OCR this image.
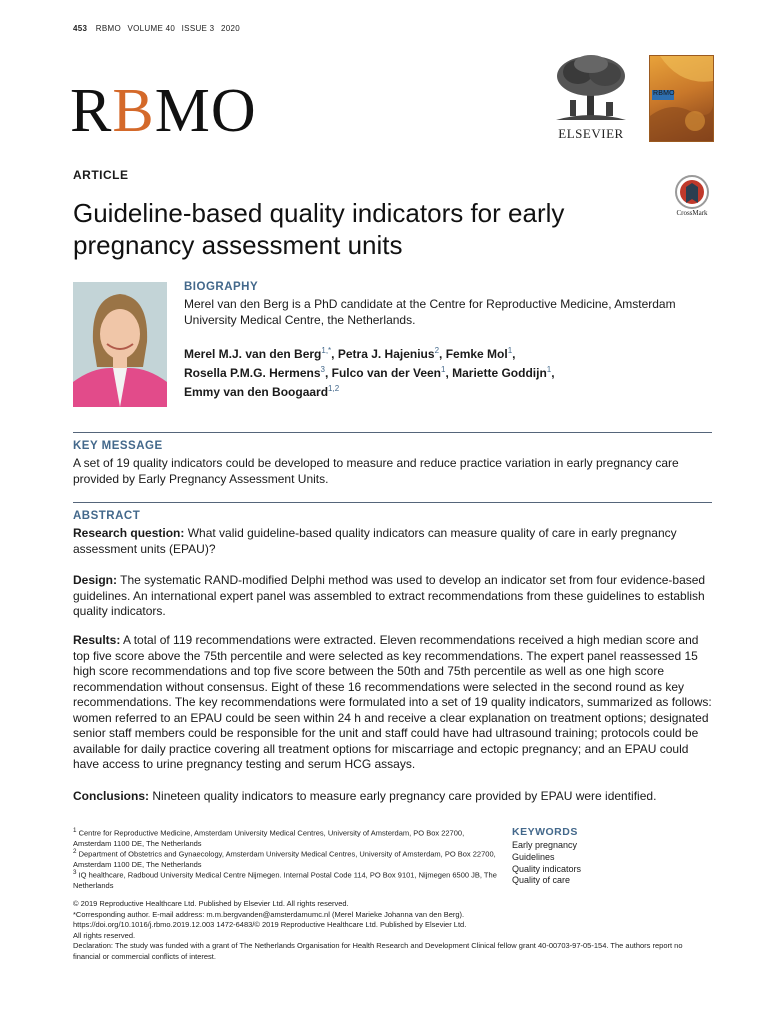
453 RBMO VOLUME 40 ISSUE 3 2020
RBMO	ELSEVIER
RBMO
CrossMark
ARTICLE
Guideline-based quality indicators for early pregnancy assessment units
BIOGRAPHY
Merel van den Berg is a PhD candidate at the Centre for Reproductive Medicine, Amsterdam University Medical Centre, the Netherlands.
Merel M.J. van den Berg$^{1,*}$, Petra J. Hajenius$^2$, Femke Mol$^1$,
Rosella P.M.G. Hermens$^3$, Fulco van der Veen$^1$, Mariette Goddijn$^1$,
Emmy van den Boogaard$^{1,2}$
KEY MESSAGE
A set of 19 quality indicators could be developed to measure and reduce practice variation in early pregnancy care provided by Early Pregnancy Assessment Units.
ABSTRACT
Research question: What valid guideline-based quality indicators can measure quality of care in early pregnancy assessment units (EPAU)?
Design: The systematic RAND-modified Delphi method was used to develop an indicator set from four evidence-based guidelines. An international expert panel was assembled to extract recommendations from these guidelines to establish quality indicators.
Results: A total of 119 recommendations were extracted. Eleven recommendations received a high median score and top five score above the 75th percentile and were selected as key recommendations. The expert panel reassessed 15 high score recommendations and top five score between the 50th and 75th percentile as well as one high score recommendation without consensus. Eight of these 16 recommendations were selected in the second round as key recommendations. The key recommendations were formulated into a set of 19 quality indicators, summarized as follows: women referred to an EPAU could be seen within 24 h and receive a clear explanation on treatment options; designated senior staff members could be responsible for the unit and staff could have had ultrasound training; protocols could be available for daily practice covering all treatment options for miscarriage and ectopic pregnancy; and an EPAU could have access to urine pregnancy testing and serum HCG assays.
Conclusions: Nineteen quality indicators to measure early pregnancy care provided by EPAU were identified.
$^1$ Centre for Reproductive Medicine, Amsterdam University Medical Centres, University of Amsterdam, PO Box 22700, Amsterdam 1100 DE, The Netherlands
$^2$ Department of Obstetrics and Gynaecology, Amsterdam University Medical Centres, University of Amsterdam, PO Box 22700, Amsterdam 1100 DE, The Netherlands
$^3$ IQ healthcare, Radboud University Medical Centre Nijmegen. Internal Postal Code 114, PO Box 9101, Nijmegen 6500 JB, The Netherlands
KEYWORDS
Early pregnancy
Guidelines
Quality indicators
Quality of care
© 2019 Reproductive Healthcare Ltd. Published by Elsevier Ltd. All rights reserved.
*Corresponding author. E-mail address: m.m.bergvanden@amsterdamumc.nl (Merel Marieke Johanna van den Berg).
https://doi.org/10.1016/j.rbmo.2019.12.003 1472-6483/© 2019 Reproductive Healthcare Ltd. Published by Elsevier Ltd.
All rights reserved.
Declaration: The study was funded with a grant of The Netherlands Organisation for Health Research and Development Clinical fellow grant 40-00703-97-05-154. The authors report no financial or commercial conflicts of interest.
